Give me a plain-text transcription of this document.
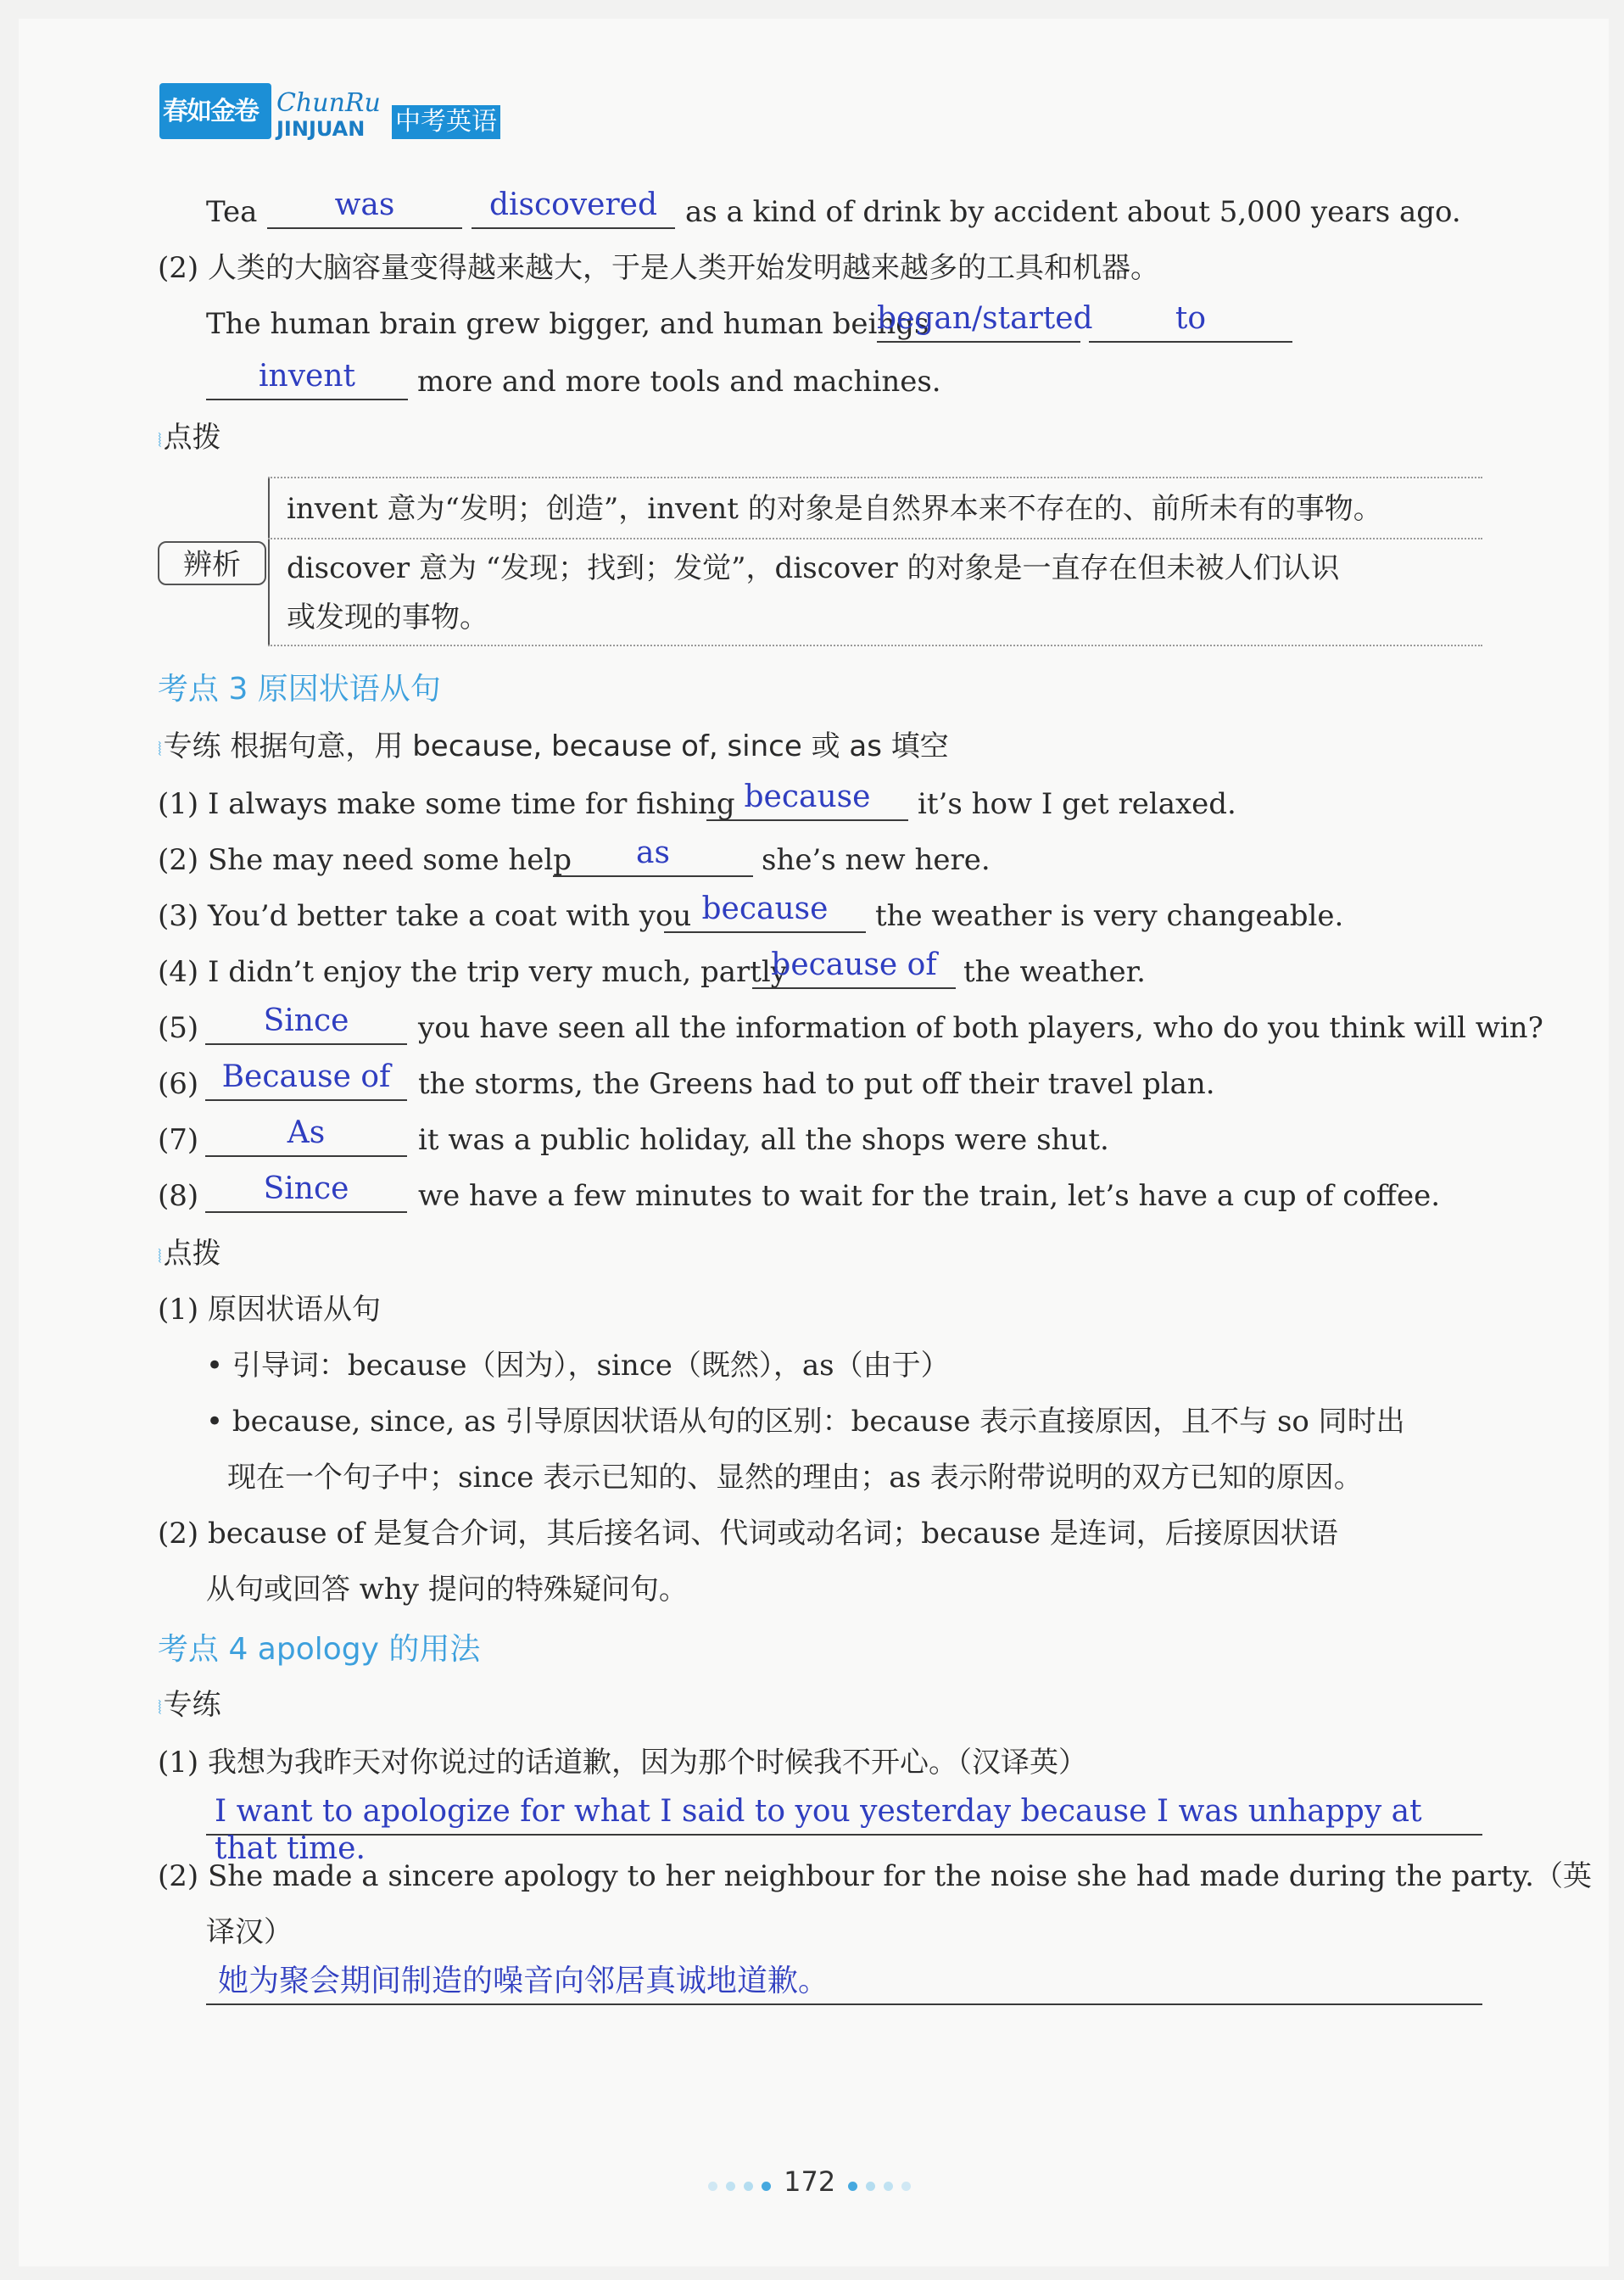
春如金卷 ChunRu
JINJUAN 中考英语
Tea	was	discovered as a kind of drink by accident about 5,000 years ago.
(2) 人类的大脑容量变得越来越大，于是人类开始发明越来越多的工具和机器。
The human brain grew bigger, and human beings
began/started	to
invent	more and more tools and machines.
⦚点拨
辨析
invent 意为“发明；创造”，invent 的对象是自然界本来不存在的、前所未有的事物。
discover 意为 “发现；找到；发觉”，discover 的对象是一直存在但未被人们认识
或发现的事物。
考点 3 原因状语从句
⦚专练 根据句意，用 because, because of, since 或 as 填空
(1) I always make some time for fishing because	it’s how I get relaxed.
(2) She may need some help	as	she’s new here.
(3) You’d better take a coat with you because	the weather is very changeable.
(4) I didn’t enjoy the trip very much, partly
because of the weather.
(5)	Since	you have seen all the information of both players, who do you think will win?
(6) Because of the storms, the Greens had to put off their travel plan.
(7)	As	it was a public holiday, all the shops were shut.
(8)	Since	we have a few minutes to wait for the train, let’s have a cup of coffee.
⦚点拨
(1) 原因状语从句
• 引导词：because（因为），since（既然），as（由于）
• because, since, as 引导原因状语从句的区别：because 表示直接原因，且不与 so 同时出
现在一个句子中；since 表示已知的、显然的理由；as 表示附带说明的双方已知的原因。
(2) because of 是复合介词，其后接名词、代词或动名词；because 是连词，后接原因状语
从句或回答 why 提问的特殊疑问句。
考点 4 apology 的用法
⦚专练
(1) 我想为我昨天对你说过的话道歉，因为那个时候我不开心。（汉译英）
I want to apologize for what I said to you yesterday because I was unhappy at that time.
(2) She made a sincere apology to her neighbour for the noise she had made during the party.（英
译汉）
她为聚会期间制造的噪音向邻居真诚地道歉。
172
